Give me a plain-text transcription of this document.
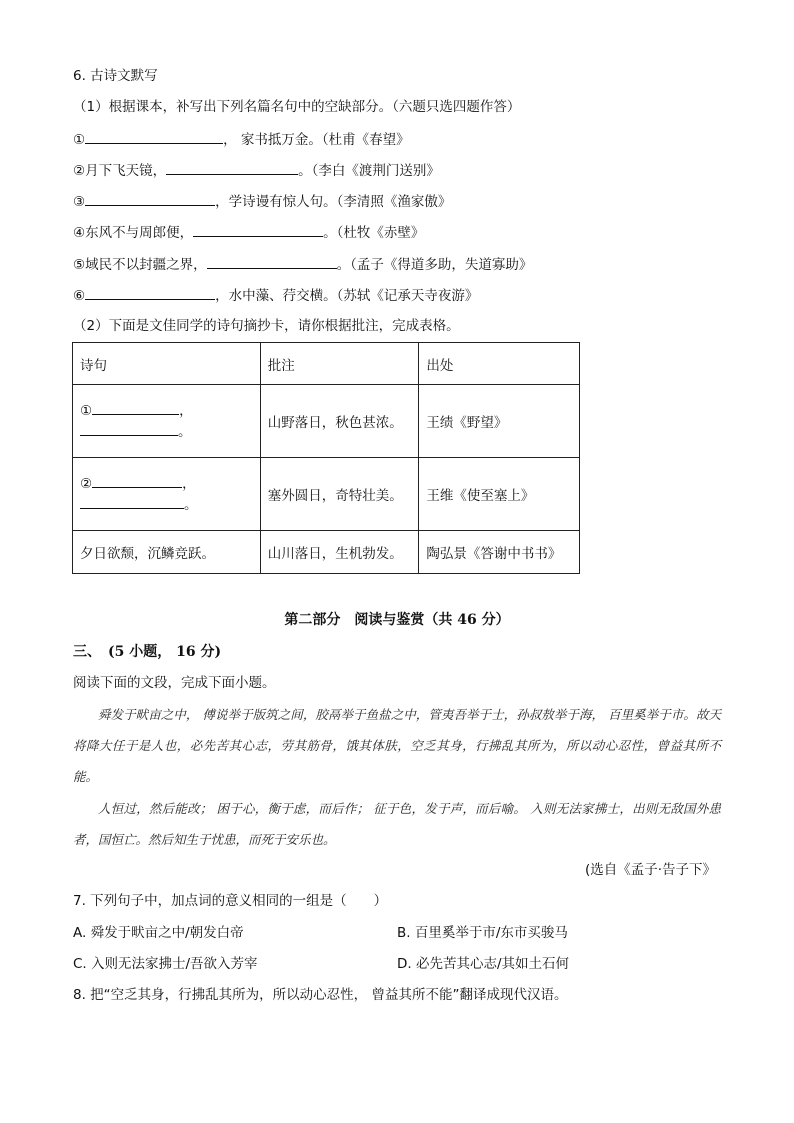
6. 古诗文默写
（1）根据课本，补写出下列名篇名句中的空缺部分。（六题只选四题作答）
①	， 家书抵万金。（杜甫《春望》
②月下飞天镜，	。（李白《渡荆门送别》
③	，学诗谩有惊人句。（李清照《渔家傲》
④东风不与周郎便，	。（杜牧《赤壁》
⑤域民不以封疆之界，	。（孟子《得道多助，失道寡助》
⑥	，水中藻、荇交横。（苏轼《记承天寺夜游》
（2）下面是文佳同学的诗句摘抄卡，请你根据批注，完成表格。
诗句	批注	出处

① ，
。	山野落日，秋色甚浓。	王绩《野望》

② ，
。	塞外圆日，奇特壮美。	王维《使至塞上》
夕日欲颓，沉鳞竞跃。	山川落日，生机勃发。	陶弘景《答谢中书书》
第二部分　阅读与鉴赏（共 46 分）
三、　(5 小题， 16 分)
阅读下面的文段，完成下面小题。

舜发于畎亩之中， 傅说举于版筑之间，胶鬲举于鱼盐之中，管夷吾举于士，孙叔敖举于海， 百里奚举于市。故天将降大任于是人也，必先苦其心志，劳其筋骨，饿其体肤，空乏其身，行拂乱其所为，所以动心忍性，曾益其所不能。

人恒过，然后能改； 困于心，衡于虑，而后作； 征于色，发于声，而后喻。 入则无法家拂士，出则无敌国外患者，国恒亡。然后知生于忧患，而死于安乐也。

(选自《孟子·告子下》
7. 下列句子中，加点词的意义相同的一组是（　　）
A. 舜发于畎亩之中/朝发白帝	B. 百里奚举于市/东市买骏马
C. 入则无法家拂士/吾欲入芳宰	D. 必先苦其心志/其如土石何
8. 把“空乏其身，行拂乱其所为，所以动心忍性， 曾益其所不能”翻译成现代汉语。
